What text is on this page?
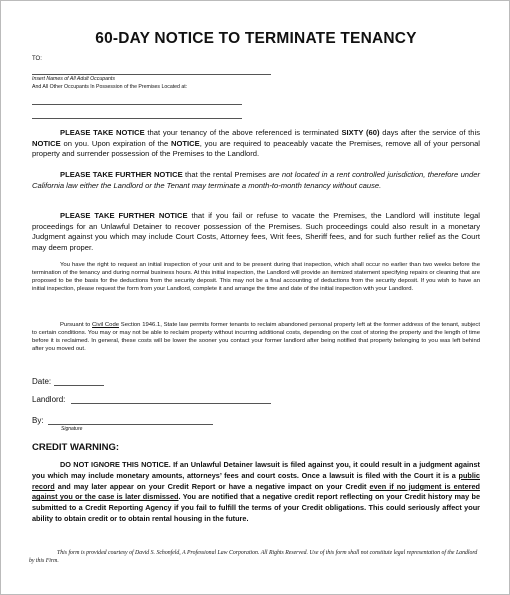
60-DAY NOTICE TO TERMINATE TENANCY
TO:
Insert Names of All Adult Occupants
And All Other Occupants In Possession of the Premises Located at:
PLEASE TAKE NOTICE that your tenancy of the above referenced is terminated SIXTY (60) days after the service of this NOTICE on you. Upon expiration of the NOTICE, you are required to peaceably vacate the Premises, remove all of your personal property and surrender possession of the Premises to the Landlord.
PLEASE TAKE FURTHER NOTICE that the rental Premises are not located in a rent controlled jurisdiction, therefore under California law either the Landlord or the Tenant may terminate a month-to-month tenancy without cause.
PLEASE TAKE FURTHER NOTICE that if you fail or refuse to vacate the Premises, the Landlord will institute legal proceedings for an Unlawful Detainer to recover possession of the Premises. Such proceedings could also result in a monetary Judgment against you which may include Court Costs, Attorney fees, Writ fees, Sheriff fees, and for such further relief as the Court may deem proper.
You have the right to request an initial inspection of your unit and to be present during that inspection, which shall occur no earlier than two weeks before the termination of the tenancy and during normal business hours. At this initial inspection, the Landlord will provide an itemized statement specifying repairs or cleaning that are proposed to be the basis for the deductions from the security deposit. This may not be a final accounting of deductions from the security deposit. If you wish to have an initial inspection, please request the form from your Landlord, complete it and arrange the time and date of the initial inspection with your Landlord.
Pursuant to Civil Code Section 1946.1, State law permits former tenants to reclaim abandoned personal property left at the former address of the tenant, subject to certain conditions. You may or may not be able to reclaim property without incurring additional costs, depending on the cost of storing the property and the length of time before it is reclaimed. In general, these costs will be lower the sooner you contact your former landlord after being notified that property belonging to you was left behind after you moved out.
Date:
Landlord:
By:
Signature
CREDIT WARNING:
DO NOT IGNORE THIS NOTICE. If an Unlawful Detainer lawsuit is filed against you, it could result in a judgment against you which may include monetary amounts, attorneys’ fees and court costs. Once a lawsuit is filed with the Court it is a public record and may later appear on your Credit Report or have a negative impact on your Credit even if no judgment is entered against you or the case is later dismissed. You are notified that a negative credit report reflecting on your Credit history may be submitted to a Credit Reporting Agency if you fail to fulfill the terms of your Credit obligations. This could seriously affect your ability to obtain credit or to obtain rental housing in the future.
This form is provided courtesy of David S. Schonfeld, A Professional Law Corporation. All Rights Reserved. Use of this form shall not constitute legal representation of the Landlord by this Firm.
